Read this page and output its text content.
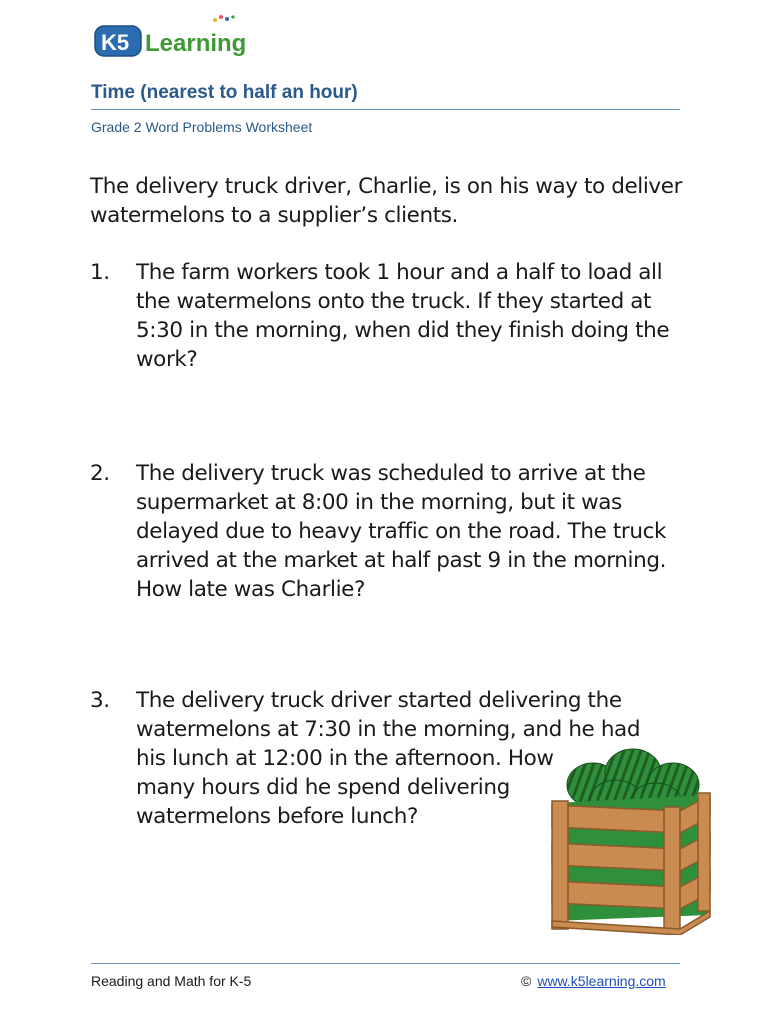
K5 Learning
Time (nearest to half an hour)
Grade 2 Word Problems Worksheet
The delivery truck driver, Charlie, is on his way to deliver watermelons to a supplier’s clients.
1. The farm workers took 1 hour and a half to load all the watermelons onto the truck. If they started at 5:30 in the morning, when did they finish doing the work?
2. The delivery truck was scheduled to arrive at the supermarket at 8:00 in the morning, but it was delayed due to heavy traffic on the road. The truck arrived at the market at half past 9 in the morning. How late was Charlie?
3. The delivery truck driver started delivering the
watermelons at 7:30 in the morning, and he had
his lunch at 12:00 in the afternoon. How
many hours did he spend delivering
watermelons before lunch?
Reading and Math for K-5	© www.k5learning.com
